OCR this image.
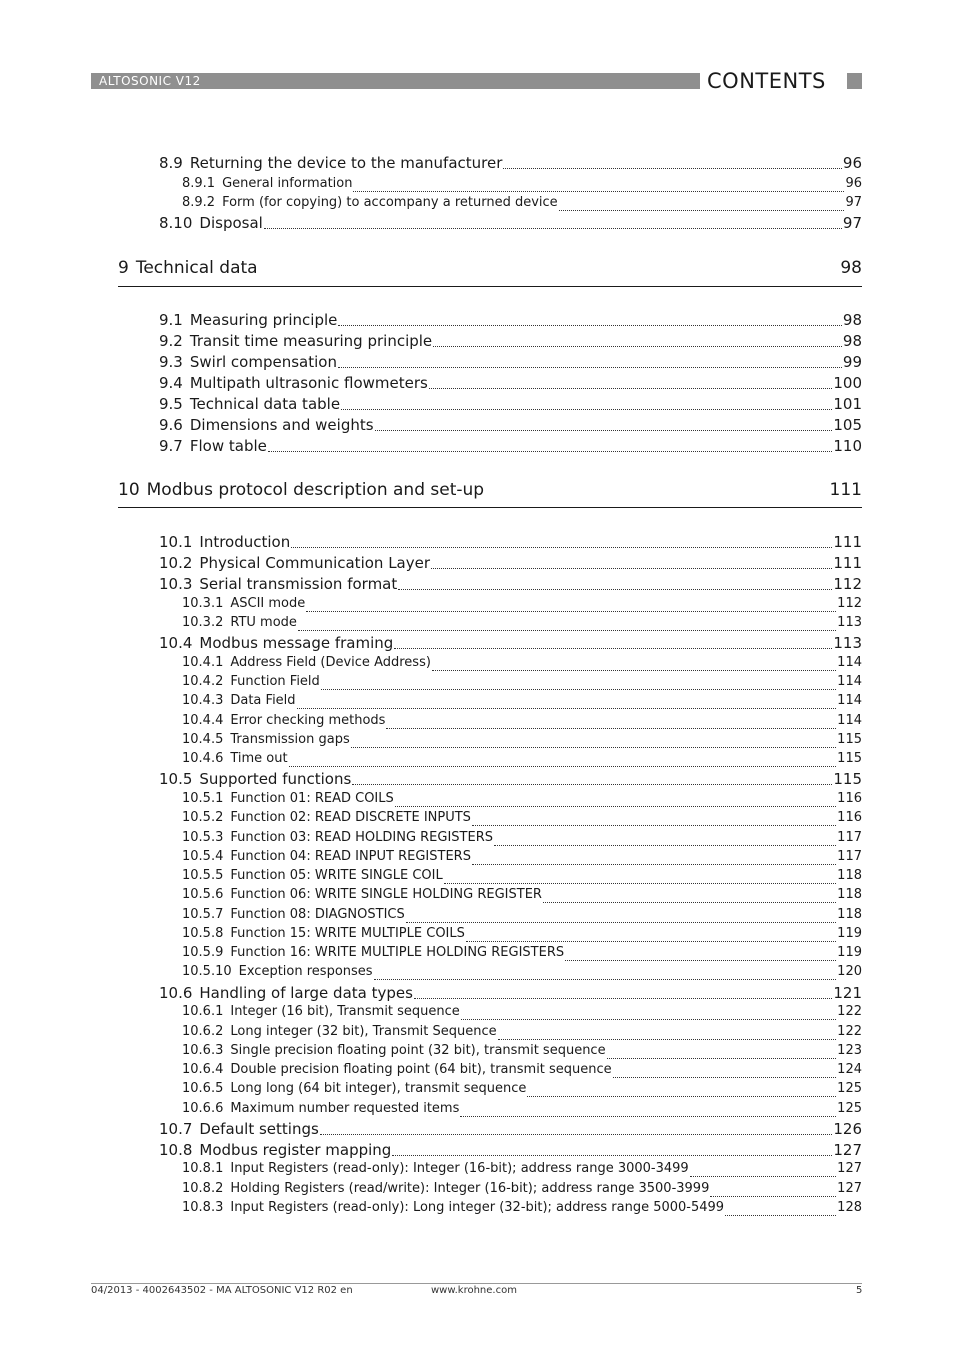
ALTOSONIC V12	CONTENTS
8.9 Returning the device to the manufacturer	96
8.9.1 General information	96
8.9.2 Form (for copying) to accompany a returned device	97
8.10 Disposal	97
9 Technical data	98
9.1 Measuring principle	98
9.2 Transit time measuring principle	98
9.3 Swirl compensation	99
9.4 Multipath ultrasonic flowmeters	100
9.5 Technical data table	101
9.6 Dimensions and weights	105
9.7 Flow table	110
10 Modbus protocol description and set-up	111
10.1 Introduction	111
10.2 Physical Communication Layer	111
10.3 Serial transmission format	112
10.3.1 ASCII mode	112
10.3.2 RTU mode	113
10.4 Modbus message framing	113
10.4.1 Address Field (Device Address)	114
10.4.2 Function Field	114
10.4.3 Data Field	114
10.4.4 Error checking methods	114
10.4.5 Transmission gaps	115
10.4.6 Time out	115
10.5 Supported functions	115
10.5.1 Function 01: READ COILS	116
10.5.2 Function 02: READ DISCRETE INPUTS	116
10.5.3 Function 03: READ HOLDING REGISTERS	117
10.5.4 Function 04: READ INPUT REGISTERS	117
10.5.5 Function 05: WRITE SINGLE COIL	118
10.5.6 Function 06: WRITE SINGLE HOLDING REGISTER	118
10.5.7 Function 08: DIAGNOSTICS	118
10.5.8 Function 15: WRITE MULTIPLE COILS	119
10.5.9 Function 16: WRITE MULTIPLE HOLDING REGISTERS	119
10.5.10 Exception responses	120
10.6 Handling of large data types	121
10.6.1 Integer (16 bit), Transmit sequence	122
10.6.2 Long integer (32 bit), Transmit Sequence	122
10.6.3 Single precision floating point (32 bit), transmit sequence	123
10.6.4 Double precision floating point (64 bit), transmit sequence	124
10.6.5 Long long (64 bit integer), transmit sequence	125
10.6.6 Maximum number requested items	125
10.7 Default settings	126
10.8 Modbus register mapping	127
10.8.1 Input Registers (read-only): Integer (16-bit); address range 3000-3499	127
10.8.2 Holding Registers (read/write): Integer (16-bit); address range 3500-3999	127
10.8.3 Input Registers (read-only): Long integer (32-bit); address range 5000-5499	128
04/2013 - 4002643502 - MA ALTOSONIC V12 R02 en	www.krohne.com	5
